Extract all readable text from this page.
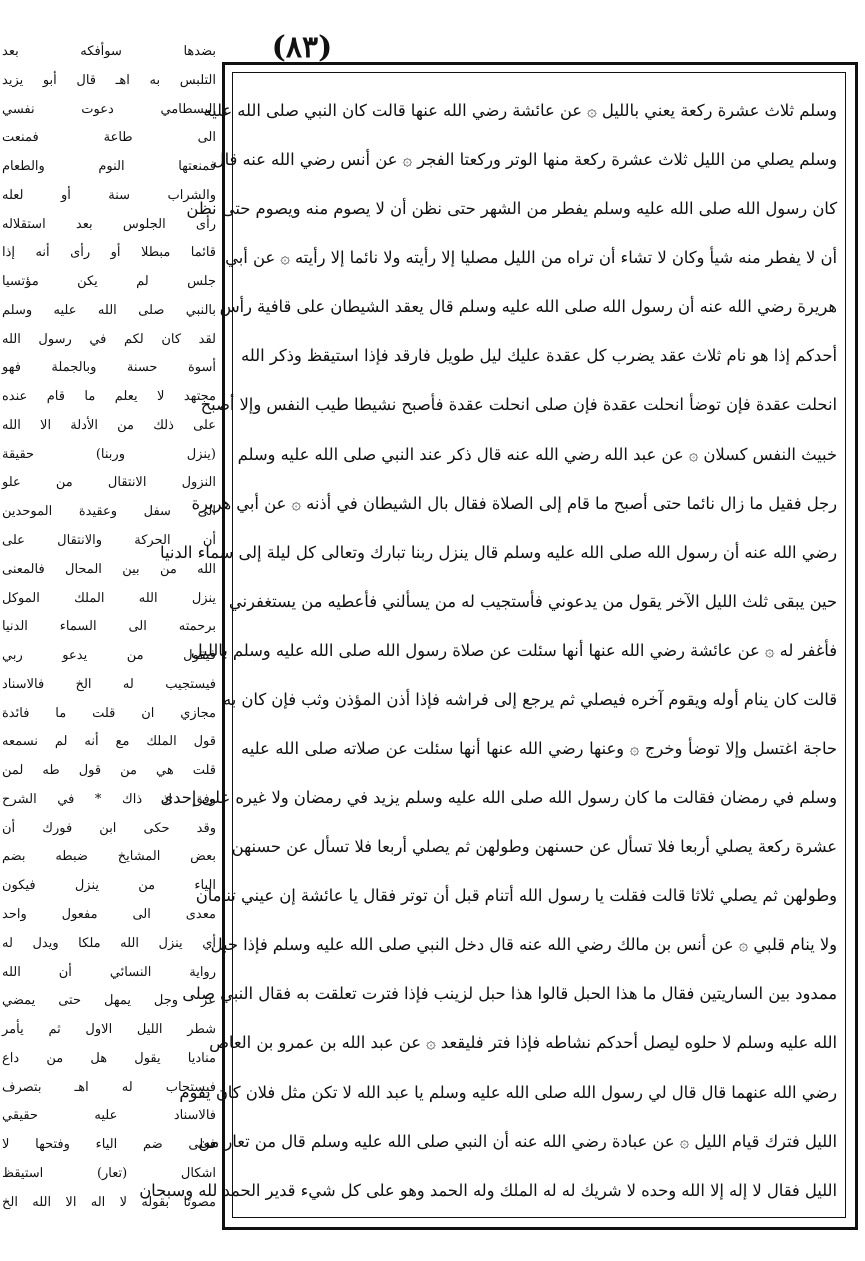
(٨٣)
وسلم ثلاث عشرة ركعة يعني بالليل ۞ عن عائشة رضي الله عنها قالت كان النبي صلى الله عليه
وسلم يصلي من الليل ثلاث عشرة ركعة منها الوتر وركعتا الفجر ۞ عن أنس رضي الله عنه قال
كان رسول الله صلى الله عليه وسلم يفطر من الشهر حتى نظن أن لا يصوم منه ويصوم حتى نظن
أن لا يفطر منه شيأ وكان لا تشاء أن تراه من الليل مصليا إلا رأيته ولا نائما إلا رأيته ۞ عن أبي
هريرة رضي الله عنه أن رسول الله صلى الله عليه وسلم قال يعقد الشيطان على قافية رأس
أحدكم إذا هو نام ثلاث عقد يضرب كل عقدة عليك ليل طويل فارقد فإذا استيقظ وذكر الله
انحلت عقدة فإن توضأ انحلت عقدة فإن صلى انحلت عقدة فأصبح نشيطا طيب النفس وإلا أصبح
خبيث النفس كسلان ۞ عن عبد الله رضي الله عنه قال ذكر عند النبي صلى الله عليه وسلم
رجل فقيل ما زال نائما حتى أصبح ما قام إلى الصلاة فقال بال الشيطان في أذنه ۞ عن أبي هريرة
رضي الله عنه أن رسول الله صلى الله عليه وسلم قال ينزل ربنا تبارك وتعالى كل ليلة إلى سماء الدنيا
حين يبقى ثلث الليل الآخر يقول من يدعوني فأستجيب له من يسألني فأعطيه من يستغفرني
فأغفر له ۞ عن عائشة رضي الله عنها أنها سئلت عن صلاة رسول الله صلى الله عليه وسلم بالليل
قالت كان ينام أوله ويقوم آخره فيصلي ثم يرجع إلى فراشه فإذا أذن المؤذن وثب فإن كان به
حاجة اغتسل وإلا توضأ وخرج ۞ وعنها رضي الله عنها أنها سئلت عن صلاته صلى الله عليه
وسلم في رمضان فقالت ما كان رسول الله صلى الله عليه وسلم يزيد في رمضان ولا غيره على إحدى
عشرة ركعة يصلي أربعا فلا تسأل عن حسنهن وطولهن ثم يصلي أربعا فلا تسأل عن حسنهن
وطولهن ثم يصلي ثلاثا قالت فقلت يا رسول الله أتنام قبل أن توتر فقال يا عائشة إن عيني تنامان
ولا ينام قلبي ۞ عن أنس بن مالك رضي الله عنه قال دخل النبي صلى الله عليه وسلم فإذا حبل
ممدود بين الساريتين فقال ما هذا الحبل قالوا هذا حبل لزينب فإذا فترت تعلقت به فقال النبي صلى
الله عليه وسلم لا حلوه ليصل أحدكم نشاطه فإذا فتر فليقعد ۞ عن عبد الله بن عمرو بن العاص
رضي الله عنهما قال قال لي رسول الله صلى الله عليه وسلم يا عبد الله لا تكن مثل فلان كان يقوم
الليل فترك قيام الليل ۞ عن عبادة رضي الله عنه أن النبي صلى الله عليه وسلم قال من تعار من
الليل فقال لا إله إلا الله وحده لا شريك له له الملك وله الحمد وهو على كل شيء قدير الحمد لله وسبحان
بضدها سوأفكه بعد
التلبس به اهـ قال أبو يزيد
البسطامي دعوت نفسي
الى طاعة فمنعت
فمنعتها النوم والطعام
والشراب سنة أو لعله
رأى الجلوس بعد استقلاله
قائما مبطلا أو رأى أنه إذا
جلس لم يكن مؤتسيا
بالنبي صلى الله عليه وسلم
لقد كان لكم في رسول الله
أسوة حسنة وبالجملة فهو
مجتهد لا يعلم ما قام عنده
على ذلك من الأدلة الا الله
(ينزل وربنا) حقيقة
النزول الانتقال من علو
الى سفل وعقيدة الموحدين
أن الحركة والانتقال على
الله من بين المحال فالمعنى
ينزل الله الملك الموكل
برحمته الى السماء الدنيا
فيقول من يدعو ربي
فيستجيب له الخ فالاسناد
مجازي ان قلت ما فائدة
قول الملك مع أنه لم نسمعه
قلت هي من قول طه لمن
وفق اذ ذاك * في الشرح
وقد حكى ابن فورك أن
بعض المشايخ ضبطه بضم
الياء من ينزل فيكون
معدى الى مفعول واحد
أي ينزل الله ملكا ويدل له
رواية النسائي أن الله
عز وجل يمهل حتى يمضي
شطر الليل الاول ثم يأمر
مناديا يقول هل من داع
فيستجاب له اهـ بتصرف
فالاسناد عليه حقيقي
فعلى ضم الياء وفتحها لا
اشكال (تعار) استيقظ
مصوتا بقوله لا اله الا الله الخ
